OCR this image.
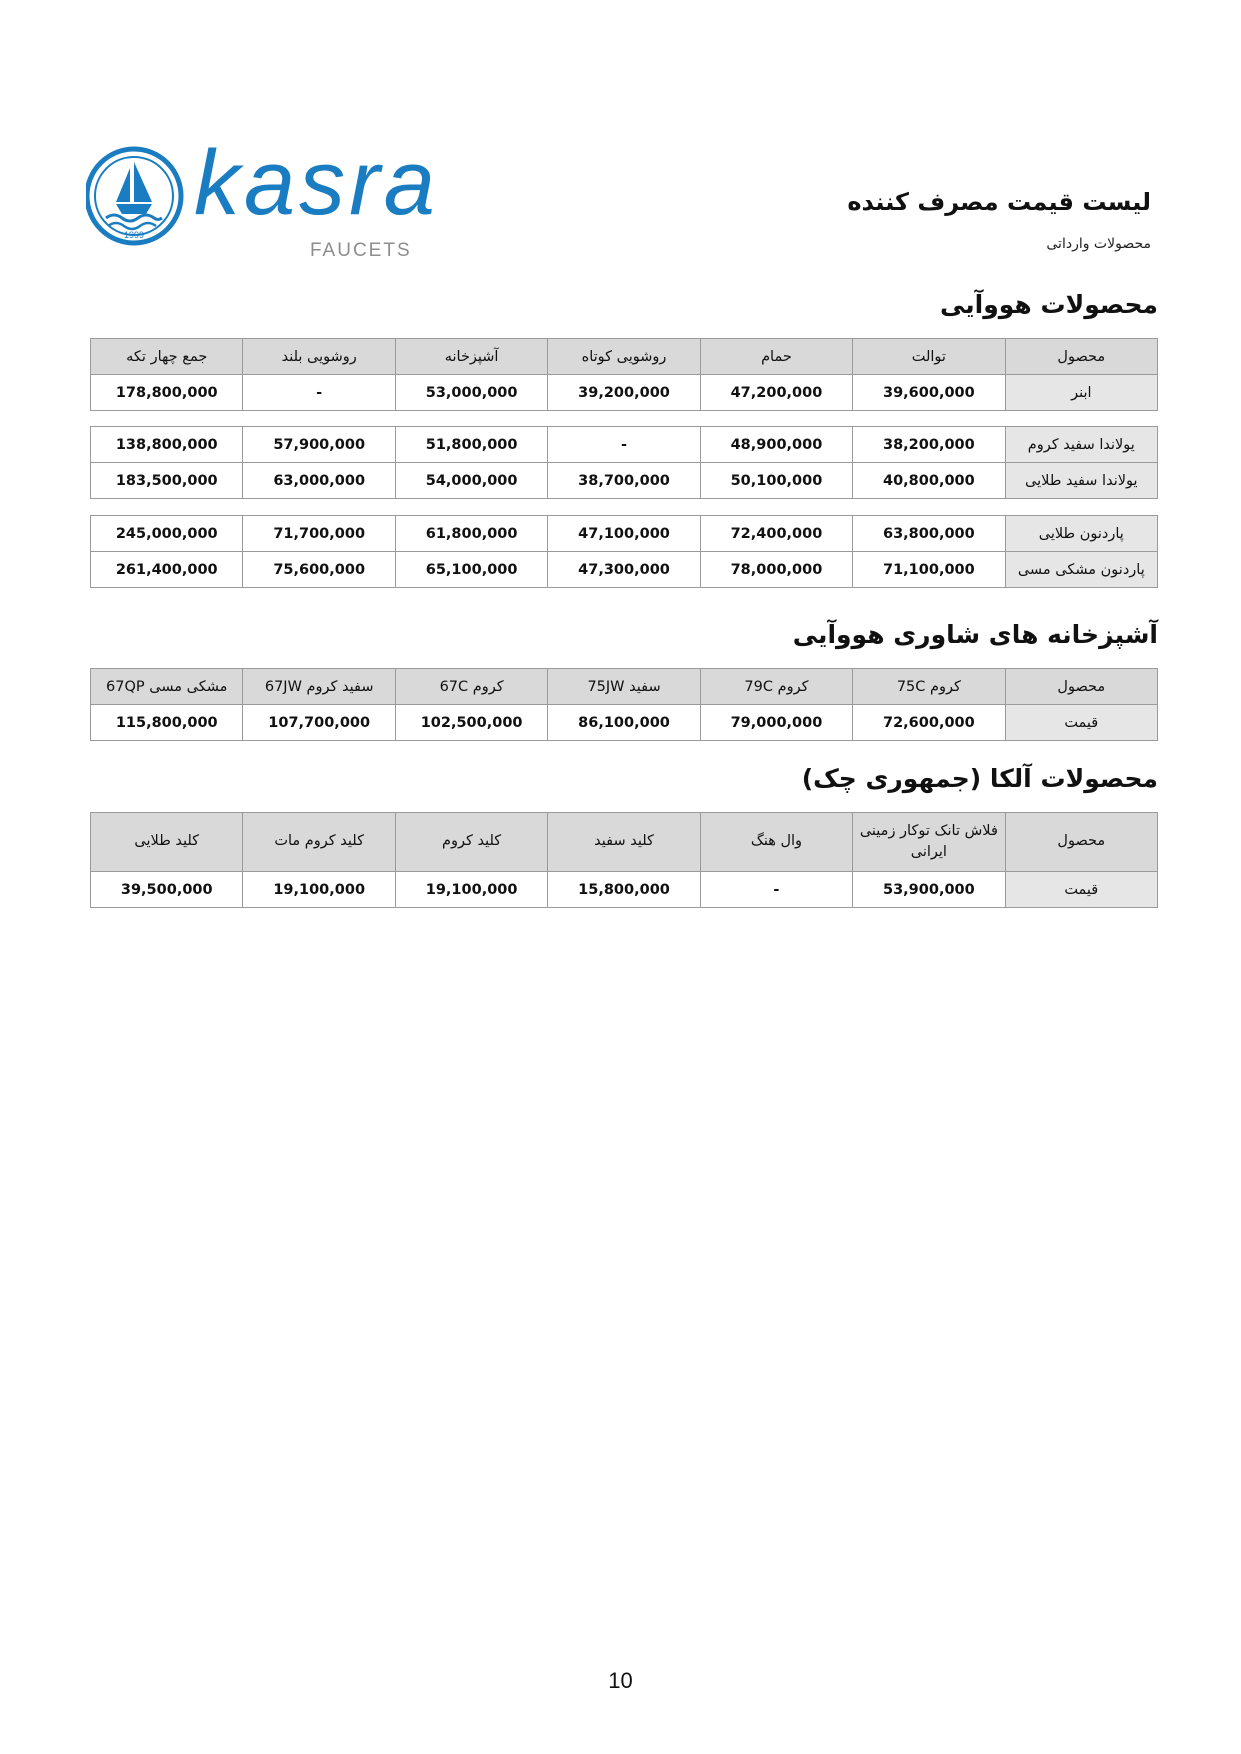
1999
kasra
FAUCETS
لیست قیمت مصرف کننده
محصولات وارداتی
محصولات هووآیی
محصول	توالت	حمام	روشویی کوتاه	آشپزخانه	روشویی بلند	جمع چهار تکه
ابنر	39,600,000	47,200,000	39,200,000	53,000,000	-	178,800,000
یولاندا سفید کروم	38,200,000	48,900,000	-	51,800,000	57,900,000	138,800,000
یولاندا سفید طلایی	40,800,000	50,100,000	38,700,000	54,000,000	63,000,000	183,500,000
پاردنون طلایی	63,800,000	72,400,000	47,100,000	61,800,000	71,700,000	245,000,000
پاردنون مشکی مسی	71,100,000	78,000,000	47,300,000	65,100,000	75,600,000	261,400,000
آشپزخانه های شاوری هووآیی
محصول	کروم 75C	کروم 79C	سفید 75JW	کروم 67C	سفید کروم 67JW	مشکی مسی 67QP
قیمت	72,600,000	79,000,000	86,100,000	102,500,000	107,700,000	115,800,000
محصولات آلکا (جمهوری چک)
محصول	فلاش تانک توکار زمینی ایرانی	وال هنگ	کلید سفید	کلید کروم	کلید کروم مات	کلید طلایی
قیمت	53,900,000	-	15,800,000	19,100,000	19,100,000	39,500,000
10
